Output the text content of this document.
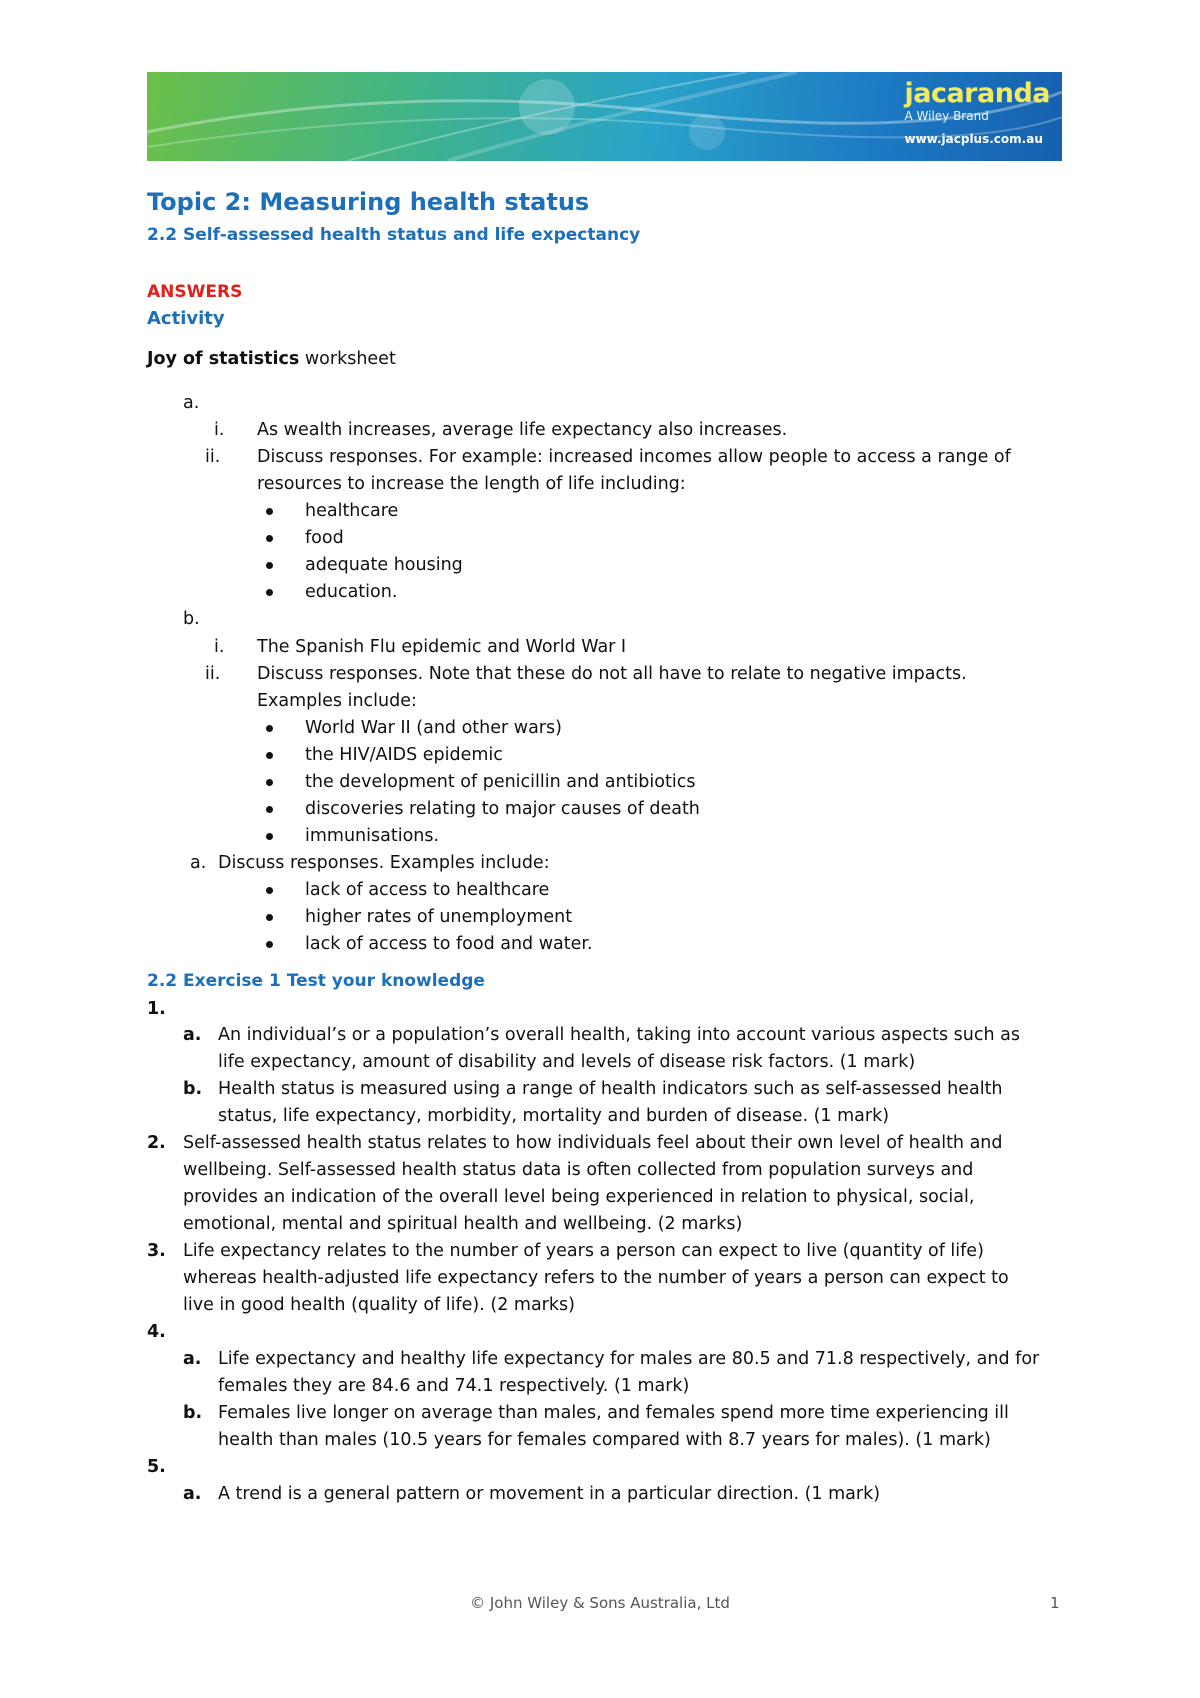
jacaranda
A Wiley Brand
www.jacplus.com.au
Topic 2: Measuring health status
2.2 Self-assessed health status and life expectancy
ANSWERS
Activity
Joy of statistics worksheet
a.
i. As wealth increases, average life expectancy also increases.
ii. Discuss responses. For example: increased incomes allow people to access a range of
resources to increase the length of life including:
healthcare
food
adequate housing
education.
b.
i. The Spanish Flu epidemic and World War I
ii. Discuss responses. Note that these do not all have to relate to negative impacts.
Examples include:
World War II (and other wars)
the HIV/AIDS epidemic
the development of penicillin and antibiotics
discoveries relating to major causes of death
immunisations.
a. Discuss responses. Examples include:
lack of access to healthcare
higher rates of unemployment
lack of access to food and water.
2.2 Exercise 1 Test your knowledge
1.
a. An individual’s or a population’s overall health, taking into account various aspects such as
life expectancy, amount of disability and levels of disease risk factors. (1 mark)
b. Health status is measured using a range of health indicators such as self-assessed health
status, life expectancy, morbidity, mortality and burden of disease. (1 mark)
2. Self-assessed health status relates to how individuals feel about their own level of health and
wellbeing. Self-assessed health status data is often collected from population surveys and
provides an indication of the overall level being experienced in relation to physical, social,
emotional, mental and spiritual health and wellbeing. (2 marks)
3. Life expectancy relates to the number of years a person can expect to live (quantity of life)
whereas health-adjusted life expectancy refers to the number of years a person can expect to
live in good health (quality of life). (2 marks)
4.
a. Life expectancy and healthy life expectancy for males are 80.5 and 71.8 respectively, and for
females they are 84.6 and 74.1 respectively. (1 mark)
b. Females live longer on average than males, and females spend more time experiencing ill
health than males (10.5 years for females compared with 8.7 years for males). (1 mark)
5.
a. A trend is a general pattern or movement in a particular direction. (1 mark)
© John Wiley & Sons Australia, Ltd	1
